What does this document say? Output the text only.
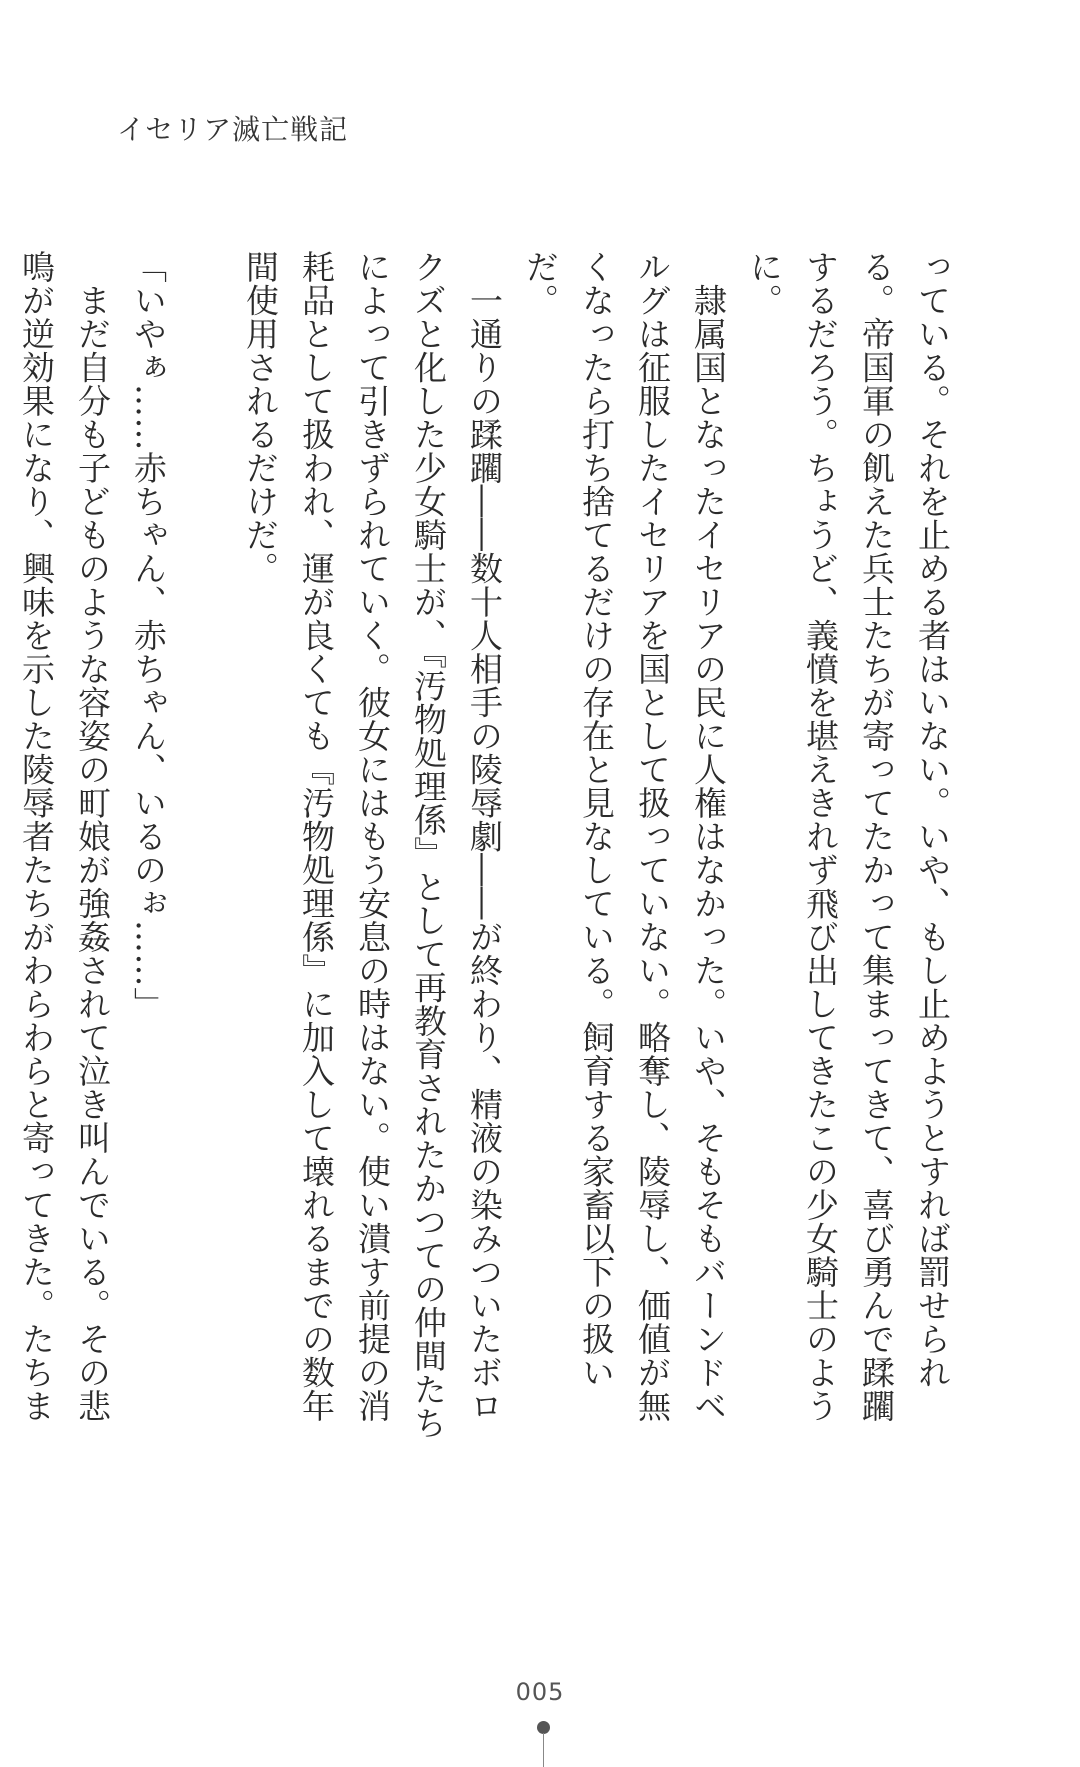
イセリア滅亡戦記

っている。それを止める者はいない。いや、もし止めようとすれば罰せられる。帝国軍の飢えた兵士たちが寄ってたかって集まってきて、喜び勇んで蹂躙するだろう。ちょうど、義憤を堪えきれず飛び出してきたこの少女騎士のように。

　隷属国となったイセリアの民に人権はなかった。いや、そもそもバーンドベルグは征服したイセリアを国として扱っていない。略奪し、陵辱し、価値が無くなったら打ち捨てるだけの存在と見なしている。飼育する家畜以下の扱いだ。

　一通りの蹂躙――数十人相手の陵辱劇――が終わり、精液の染みついたボロクズと化した少女騎士が、『汚物処理係』として再教育されたかつての仲間たちによって引きずられていく。彼女にはもう安息の時はない。使い潰す前提の消耗品として扱われ、運が良くても『汚物処理係』に加入して壊れるまでの数年間使用されるだけだ。

「いやぁ……赤ちゃん、赤ちゃん、いるのぉ……」

　まだ自分も子どものような容姿の町娘が強姦されて泣き叫んでいる。その悲鳴が逆効果になり、興味を示した陵辱者たちがわらわらと寄ってきた。たちま

005
